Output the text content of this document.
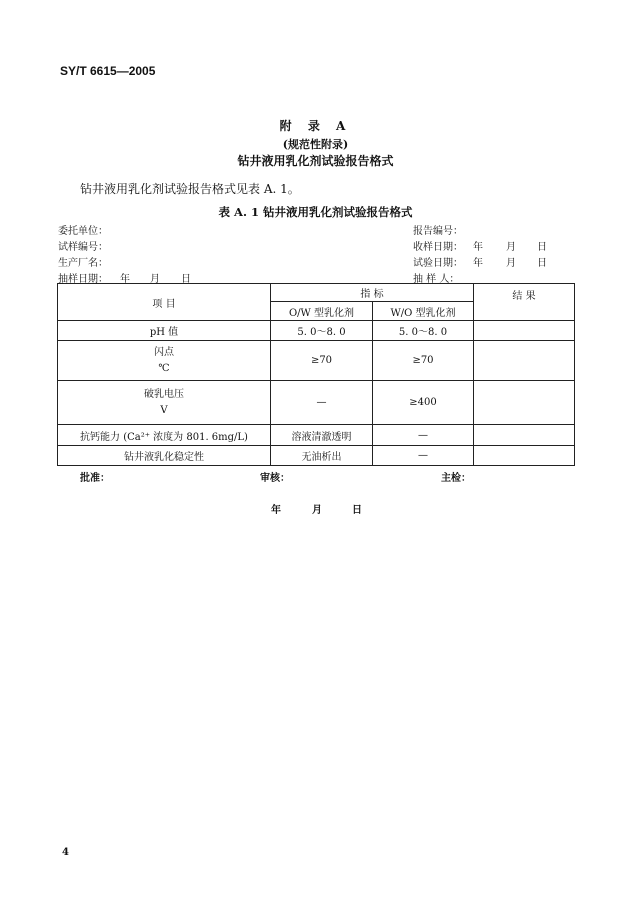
SY/T 6615—2005
附 录 A
(规范性附录)
钻井液用乳化剂试验报告格式
钻井液用乳化剂试验报告格式见表 A. 1。
表 A. 1 钻井液用乳化剂试验报告格式
委托单位：	报告编号：
试样编号：	收样日期： 年 月 日
生产厂名：	试验日期： 年 月 日
抽样日期： 年 月 日	抽 样 人：
项 目	指 标		结 果
	O/W 型乳化剂	W/O 型乳化剂	
pH 值	5. 0～8. 0	5. 0～8. 0	

闪点
℃	≥70	≥70	

破乳电压
V	—	≥400	
抗钙能力 (Ca²⁺ 浓度为 801. 6mg/L)	溶液清澈透明	—	
钻井液乳化稳定性	无油析出	—	
批准：	审核：	主检：
年	月	日
4
